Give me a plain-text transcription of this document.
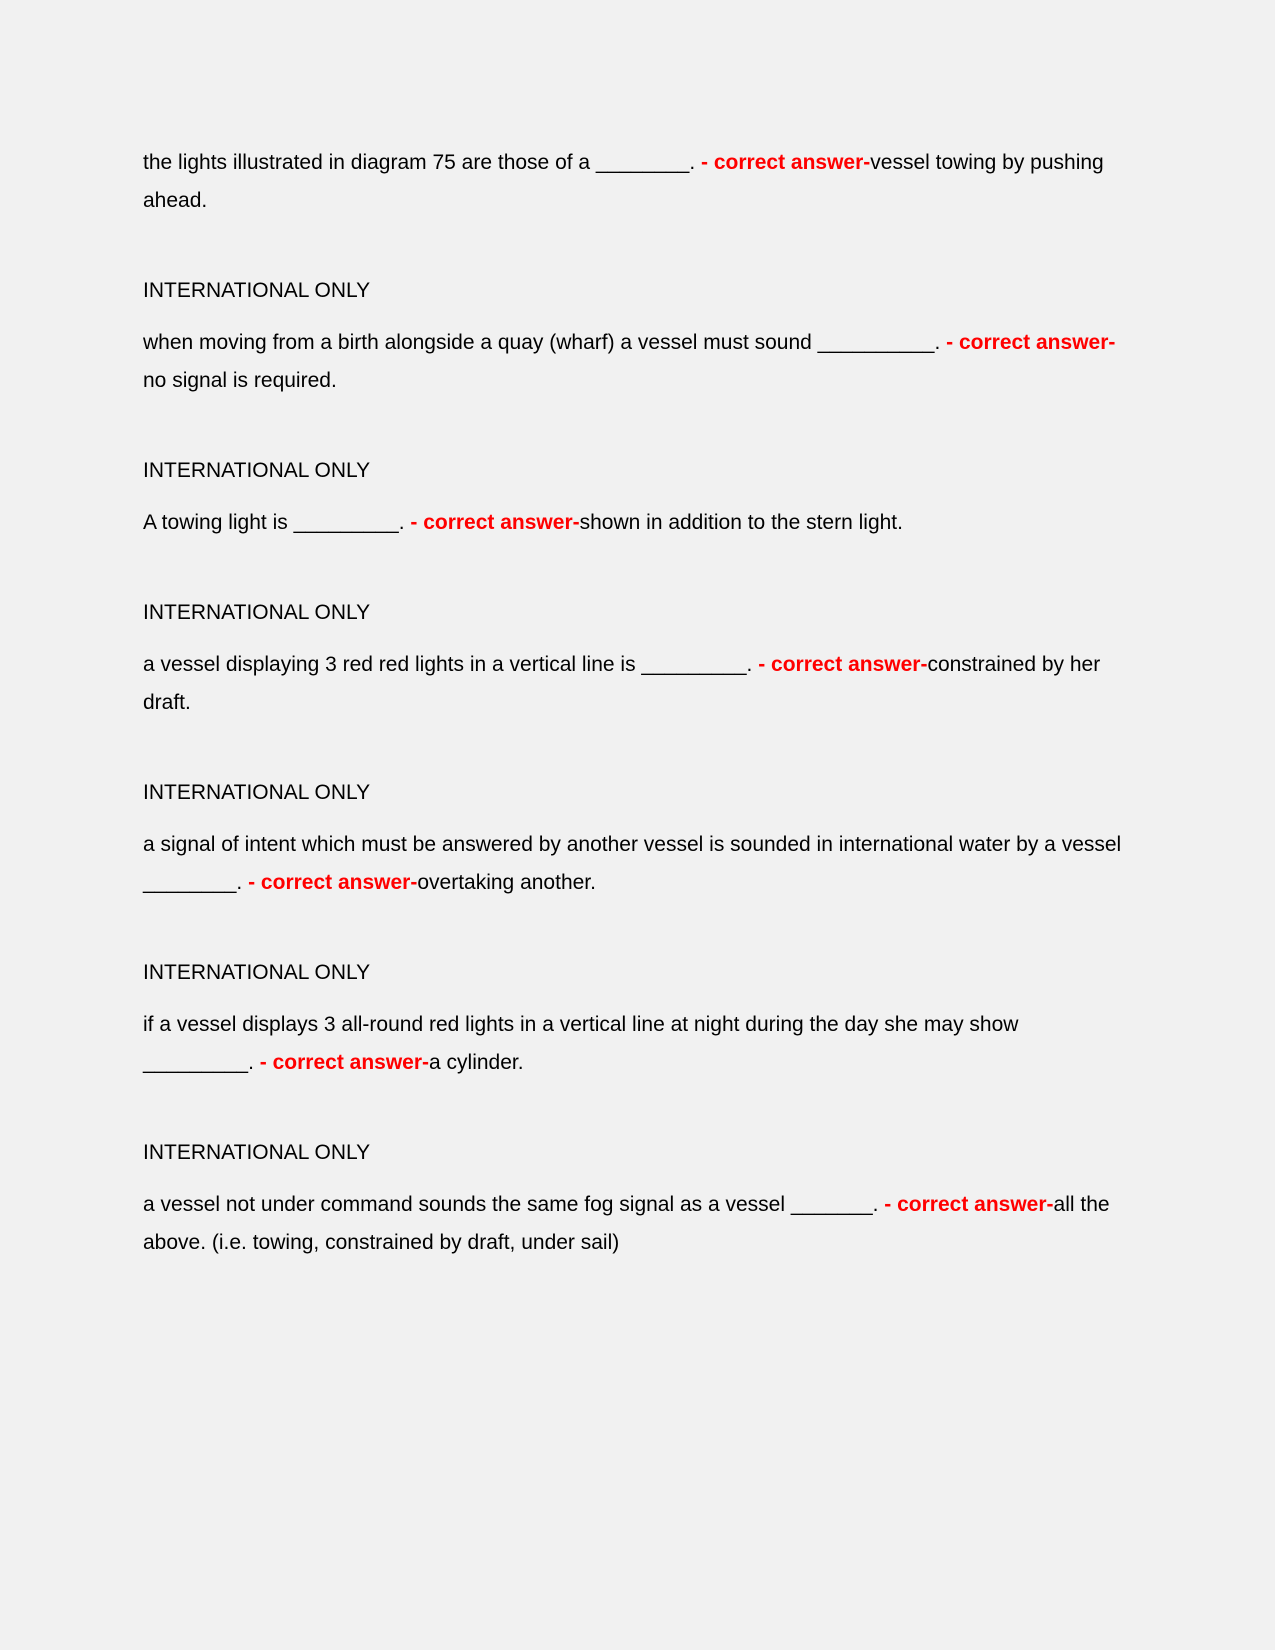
the lights illustrated in diagram 75 are those of a ________. - correct answer-vessel towing by pushing ahead.

INTERNATIONAL ONLY

when moving from a birth alongside a quay (wharf) a vessel must sound __________. - correct answer-no signal is required.

INTERNATIONAL ONLY

A towing light is _________. - correct answer-shown in addition to the stern light.

INTERNATIONAL ONLY

a vessel displaying 3 red red lights in a vertical line is _________. - correct answer-constrained by her draft.

INTERNATIONAL ONLY

a signal of intent which must be answered by another vessel is sounded in international water by a vessel ________. - correct answer-overtaking another.

INTERNATIONAL ONLY

if a vessel displays 3 all-round red lights in a vertical line at night during the day she may show _________. - correct answer-a cylinder.

INTERNATIONAL ONLY

a vessel not under command sounds the same fog signal as a vessel _______. - correct answer-all the above. (i.e. towing, constrained by draft, under sail)
